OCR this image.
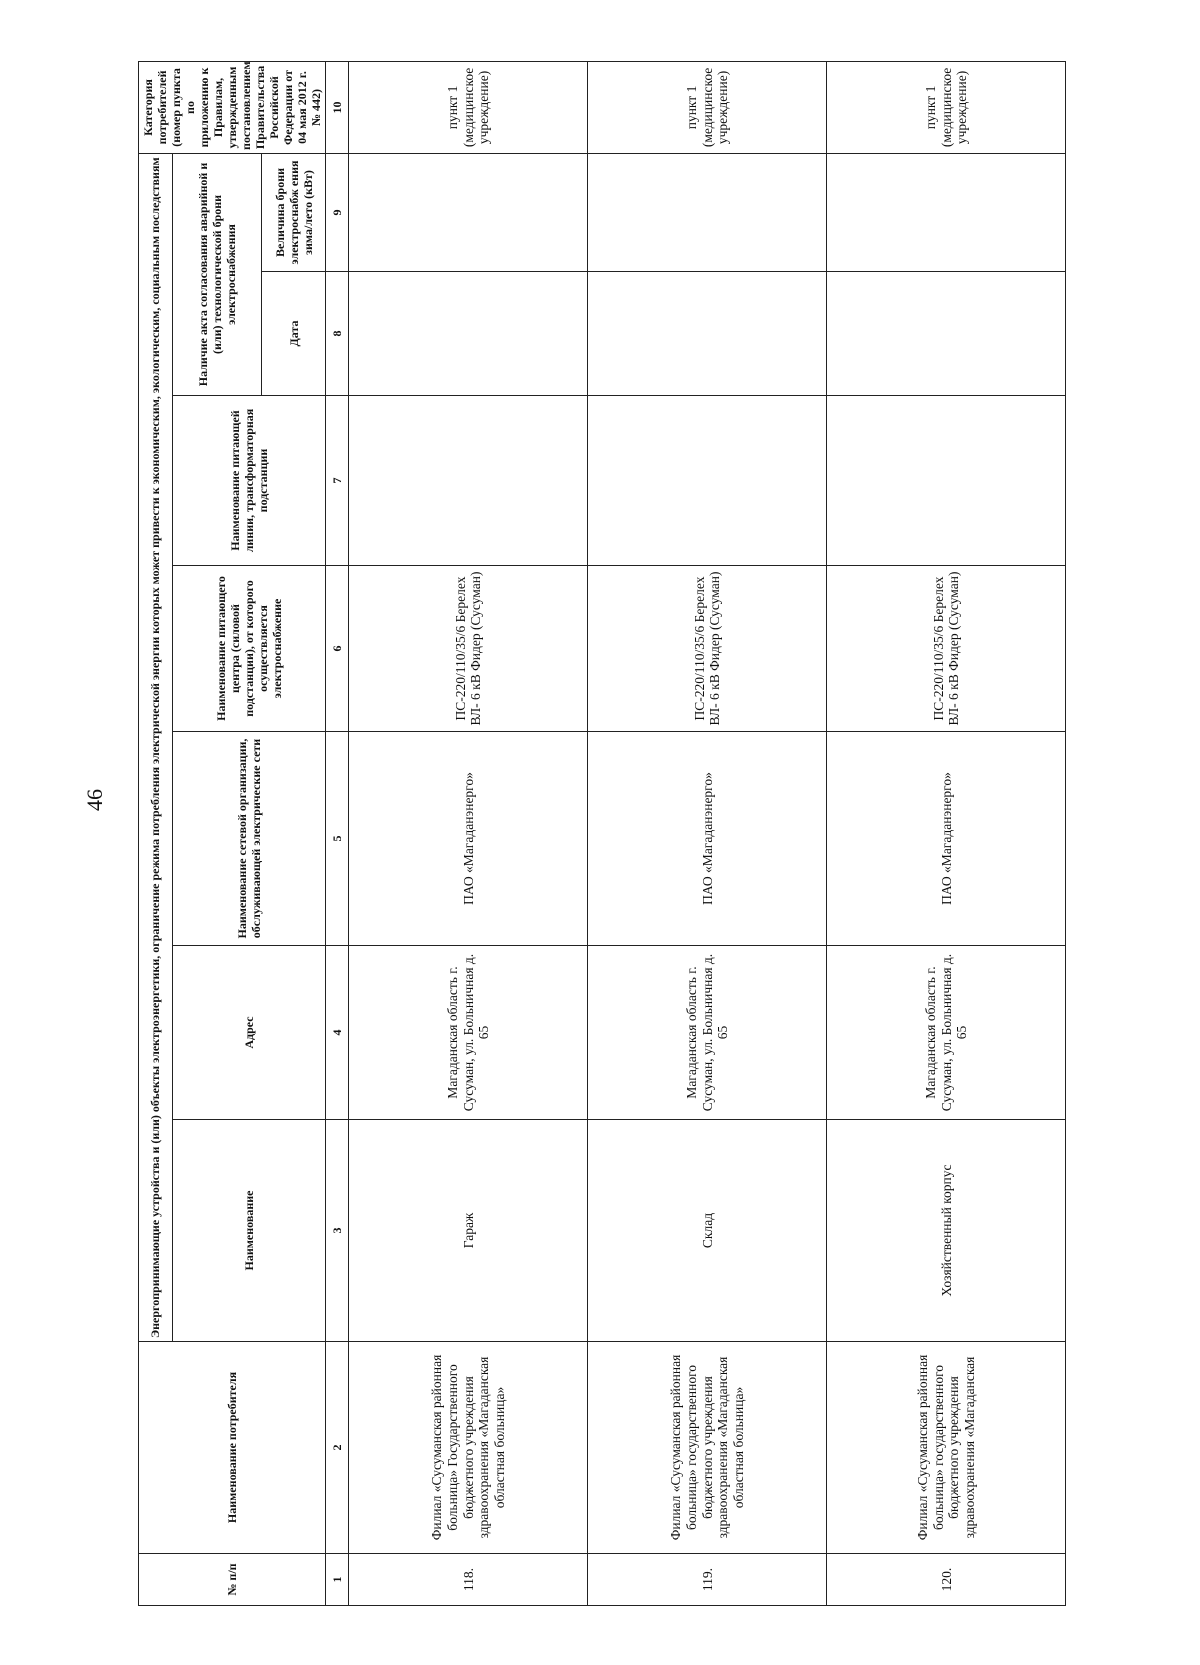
46
№ п/п	Наименование потребителя	Энергопринимающие устройства и (или) объекты электроэнергетики, ограничение режима потребления электрической энергии которых может привести к экономическим, экологическим, социальным последствиям							Категория потребителей (номер пункта по приложению к Правилам, утвержденным постановлением Правительства Российской Федерации от 04 мая 2012 г. № 442)
		Наименование	Адрес	Наименование сетевой организации, обслуживающей электрические сети	Наименование питающего центра (силовой подстанции), от которого осуществляется электроснабжение	Наименование питающей линии, трансформаторная подстанции	Наличие акта согласования аварийной и (или) технологической брони электроснабжения		
							Дата	Величина брони электроснабж ения зима/лето (кВт)	
1	2	3	4	5	6	7	8	9	10
118.	Филиал «Сусуманская районная больница» Государственного бюджетного учреждения здравоохранения «Магаданская областная больница»	Гараж	Магаданская область г. Сусуман, ул. Больничная д. 65	ПАО «Магаданэнерго»	ПС-220/110/35/6 Берелех ВЛ- 6 кВ Фидер (Сусуман)				пункт 1 (медицинское учреждение)
119.	Филиал «Сусуманская районная больница» государственного бюджетного учреждения здравоохранения «Магаданская областная больница»	Склад	Магаданская область г. Сусуман, ул. Больничная д. 65	ПАО «Магаданэнерго»	ПС-220/110/35/6 Берелех ВЛ- 6 кВ Фидер (Сусуман)				пункт 1 (медицинское учреждение)
120.	Филиал «Сусуманская районная больница» государственного бюджетного учреждения здравоохранения «Магаданская	Хозяйственный корпус	Магаданская область г. Сусуман, ул. Больничная д. 65	ПАО «Магаданэнерго»	ПС-220/110/35/6 Берелех ВЛ- 6 кВ Фидер (Сусуман)				пункт 1 (медицинское учреждение)
